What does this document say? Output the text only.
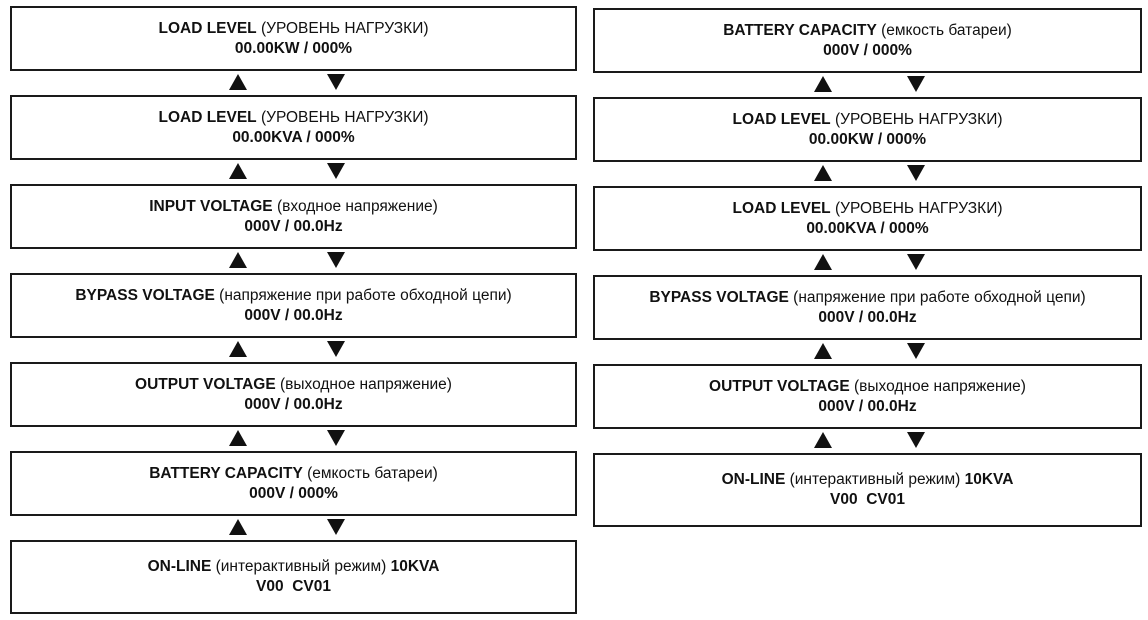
LOAD LEVEL (УРОВЕНЬ НАГРУЗКИ)
00.00KW / 000%
LOAD LEVEL (УРОВЕНЬ НАГРУЗКИ)
00.00KVA / 000%
INPUT VOLTAGE (входное напряжение)
000V / 00.0Hz
BYPASS VOLTAGE (напряжение при работе обходной цепи)
000V / 00.0Hz
OUTPUT VOLTAGE (выходное напряжение)
000V / 00.0Hz
BATTERY CAPACITY (емкость батареи)
000V / 000%
ON-LINE (интерактивный режим) 10KVA
V00  CV01
BATTERY CAPACITY (емкость батареи)
000V / 000%
LOAD LEVEL (УРОВЕНЬ НАГРУЗКИ)
00.00KW / 000%
LOAD LEVEL (УРОВЕНЬ НАГРУЗКИ)
00.00KVA / 000%
BYPASS VOLTAGE (напряжение при работе обходной цепи)
000V / 00.0Hz
OUTPUT VOLTAGE (выходное напряжение)
000V / 00.0Hz
ON-LINE (интерактивный режим) 10KVA
V00  CV01
